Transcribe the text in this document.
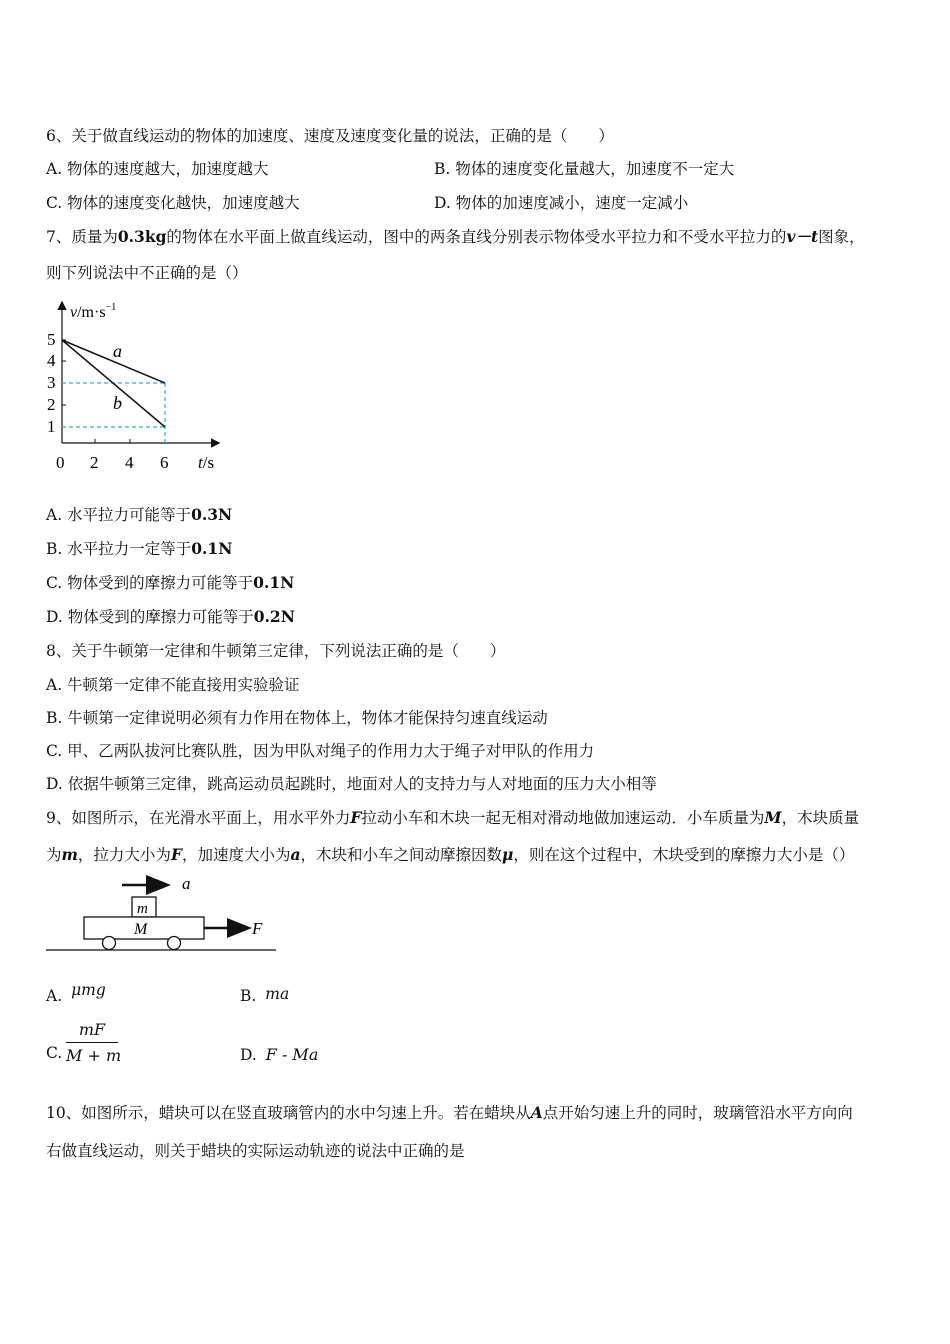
6、关于做直线运动的物体的加速度、速度及速度变化量的说法，正确的是（　　）
A. 物体的速度越大，加速度越大	B. 物体的速度变化量越大，加速度不一定大
C. 物体的速度变化越快，加速度越大	D. 物体的加速度减小，速度一定减小
7、质量为0.3kg的物体在水平面上做直线运动，图中的两条直线分别表示物体受水平拉力和不受水平拉力的v－t图象，
则下列说法中不正确的是（）
5
4
3
2
1
0 2 4 6 t/s
$v/m\cdot s^{-1}$
a
b
A. 水平拉力可能等于0.3N
B. 水平拉力一定等于0.1N
C. 物体受到的摩擦力可能等于0.1N
D. 物体受到的摩擦力可能等于0.2N
8、关于牛顿第一定律和牛顿第三定律，下列说法正确的是（　　）
A. 牛顿第一定律不能直接用实验验证
B. 牛顿第一定律说明必须有力作用在物体上，物体才能保持匀速直线运动
C. 甲、乙两队拔河比赛队胜，因为甲队对绳子的作用力大于绳子对甲队的作用力
D. 依据牛顿第三定律，跳高运动员起跳时，地面对人的支持力与人对地面的压力大小相等
9、如图所示，在光滑水平面上，用水平外力F拉动小车和木块一起无相对滑动地做加速运动．小车质量为M，木块质量
为m，拉力大小为F，加速度大小为a，木块和小车之间动摩擦因数μ，则在这个过程中，木块受到的摩擦力大小是（）
a
m
M	F
A. μmg	B. ma
C.
mF
M + m	D. F - Ma
10、如图所示，蜡块可以在竖直玻璃管内的水中匀速上升。若在蜡块从A点开始匀速上升的同时，玻璃管沿水平方向向
右做直线运动，则关于蜡块的实际运动轨迹的说法中正确的是
